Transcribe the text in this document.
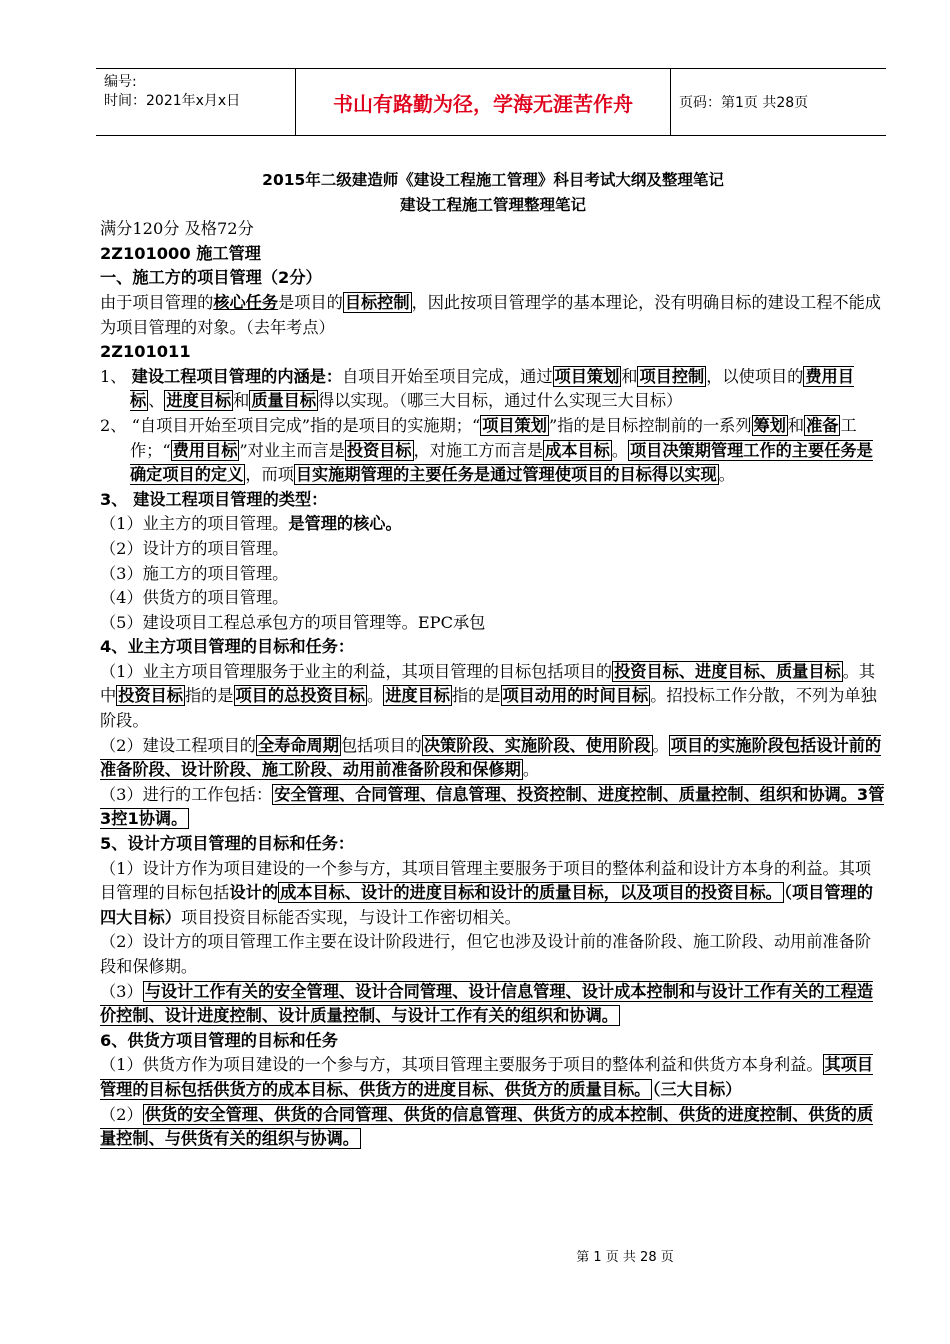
编号:
时间：2021年x月x日	书山有路勤为径，学海无涯苦作舟	页码：第1页 共28页

2015年二级建造师《建设工程施工管理》科目考试大纲及整理笔记

建设工程施工管理整理笔记

满分120分 及格72分

2Z101000 施工管理

一、施工方的项目管理（2分）

由于项目管理的核心任务是项目的 目标控制 ，因此按项目管理学的基本理论，没有明确目标的建设工程不能成为项目管理的对象。（去年考点）

2Z101011

1、 建设工程项目管理的内涵是：自项目开始至项目完成，通过 项目策划 和 项目控制 ，以使项目的 费用目标 、 进度目标 和 质量目标 得以实现。（哪三大目标，通过什么实现三大目标）

2、 “自项目开始至项目完成”指的是项目的实施期；“ 项目策划 ”指的是目标控制前的一系列 筹划 和 准备 工作；“ 费用目标 ”对业主而言是 投资目标 ，对施工方而言是 成本目标 。 项目决策期管理工作的主要任务是确定项目的定义 ，而项 目实施期管理的主要任务是通过管理使项目的目标得以实现 。

3、 建设工程项目管理的类型：

（1）业主方的项目管理。是管理的核心。

（2）设计方的项目管理。

（3）施工方的项目管理。

（4）供货方的项目管理。

（5）建设项目工程总承包方的项目管理等。EPC承包

4、业主方项目管理的目标和任务：

（1）业主方项目管理服务于业主的利益，其项目管理的目标包括项目的 投资目标、进度目标、质量目标 。其中 投资目标 指的是 项目的总投资目标 。 进度目标 指的是 项目动用的时间目标 。招投标工作分散，不列为单独阶段。

（2）建设工程项目的 全寿命周期 包括项目的 决策阶段、实施阶段、使用阶段 。 项目的实施阶段包括设计前的准备阶段、设计阶段、施工阶段、动用前准备阶段和保修期 。

（3）进行的工作包括： 安全管理、合同管理、信息管理、投资控制、进度控制、质量控制、组织和协调。3管3控1协调。

5、设计方项目管理的目标和任务：

（1）设计方作为项目建设的一个参与方，其项目管理主要服务于项目的整体利益和设计方本身的利益。其项目管理的目标包括设计的 成本目标、设计的进度目标和设计的质量目标，以及项目的投资目标。 （项目管理的四大目标）项目投资目标能否实现，与设计工作密切相关。

（2）设计方的项目管理工作主要在设计阶段进行，但它也涉及设计前的准备阶段、施工阶段、动用前准备阶段和保修期。

（3） 与设计工作有关的安全管理、设计合同管理、设计信息管理、设计成本控制和与设计工作有关的工程造价控制、设计进度控制、设计质量控制、与设计工作有关的组织和协调。

6、供货方项目管理的目标和任务

（1）供货方作为项目建设的一个参与方，其项目管理主要服务于项目的整体利益和供货方本身利益。 其项目管理的目标包括供货方的成本目标、供货方的进度目标、供货方的质量目标。 （三大目标）

（2） 供货的安全管理、供货的合同管理、供货的信息管理、供货方的成本控制、供货的进度控制、供货的质量控制、与供货有关的组织与协调。

第 1 页 共 28 页
